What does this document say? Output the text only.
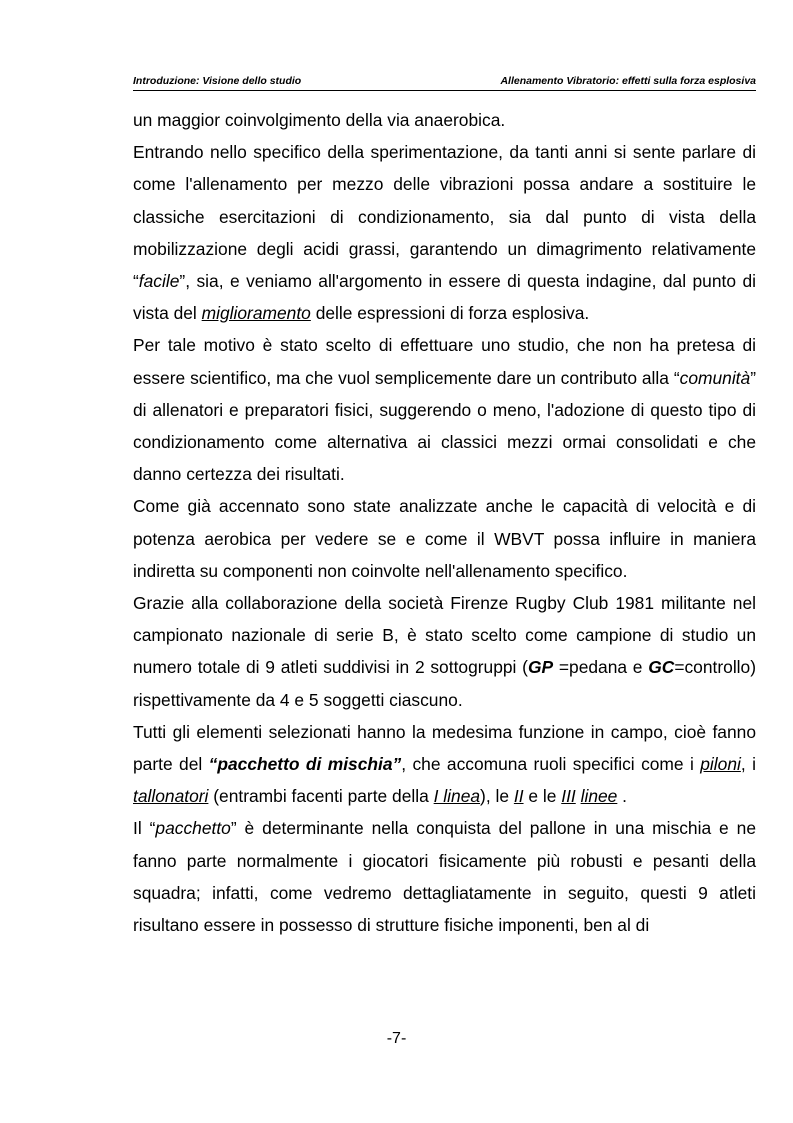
Introduzione: Visione dello studio	Allenamento Vibratorio: effetti sulla forza esplosiva

un maggior coinvolgimento della via anaerobica.

Entrando nello specifico della sperimentazione, da tanti anni si sente parlare di come l'allenamento per mezzo delle vibrazioni possa andare a sostituire le classiche esercitazioni di condizionamento, sia dal punto di vista della mobilizzazione degli acidi grassi, garantendo un dimagrimento relativamente “facile”, sia, e veniamo all'argomento in essere di questa indagine, dal punto di vista del miglioramento delle espressioni di forza esplosiva.

Per tale motivo è stato scelto di effettuare uno studio, che non ha pretesa di essere scientifico, ma che vuol semplicemente dare un contributo alla “comunità” di allenatori e preparatori fisici, suggerendo o meno, l'adozione di questo tipo di condizionamento come alternativa ai classici mezzi ormai consolidati e che danno certezza dei risultati.

Come già accennato sono state analizzate anche le capacità di velocità e di potenza aerobica per vedere se e come il WBVT possa influire in maniera indiretta su componenti non coinvolte nell'allenamento specifico.

Grazie alla collaborazione della società Firenze Rugby Club 1981 militante nel campionato nazionale di serie B, è stato scelto come campione di studio un numero totale di 9 atleti suddivisi in 2 sottogruppi (GP =pedana e GC=controllo) rispettivamente da 4 e 5 soggetti ciascuno.

Tutti gli elementi selezionati hanno la medesima funzione in campo, cioè fanno parte del “pacchetto di mischia”, che accomuna ruoli specifici come i piloni, i tallonatori (entrambi facenti parte della I linea), le II e le III linee .

Il “pacchetto” è determinante nella conquista del pallone in una mischia e ne fanno parte normalmente i giocatori fisicamente più robusti e pesanti della squadra; infatti, come vedremo dettagliatamente in seguito, questi 9 atleti risultano essere in possesso di strutture fisiche imponenti, ben al di

-7-
